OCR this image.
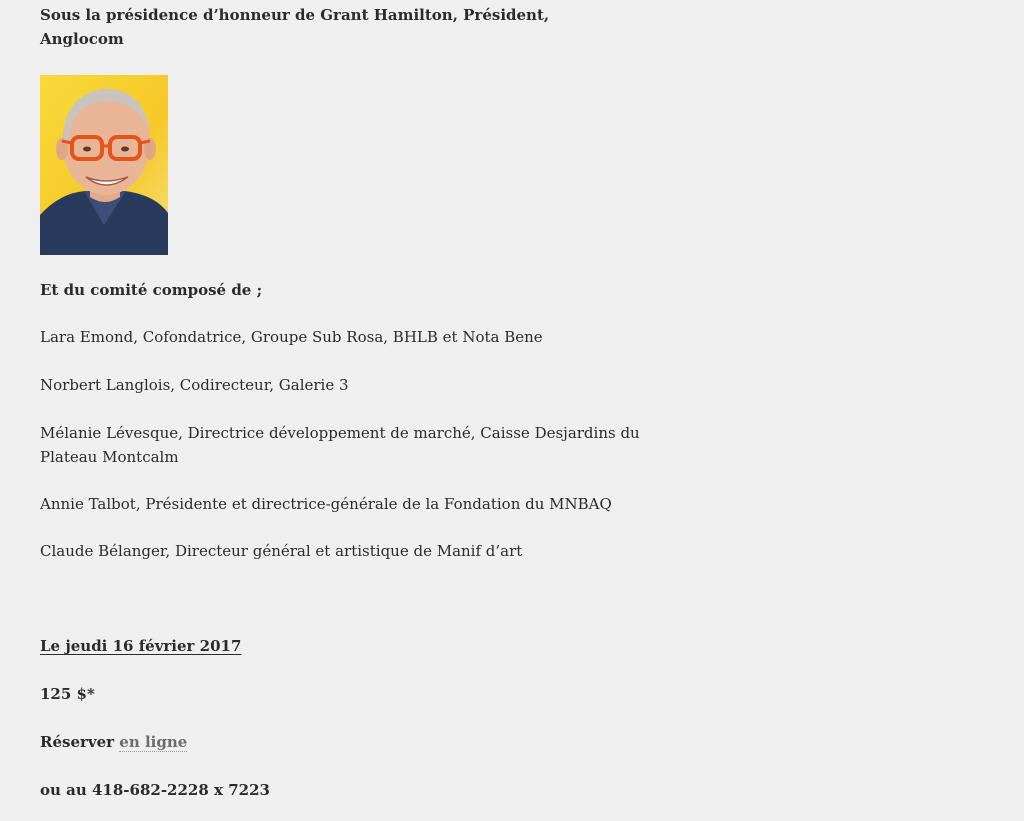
Sous la présidence d’honneur de Grant Hamilton, Président,

Anglocom

Et du comité composé de ;

Lara Emond, Cofondatrice, Groupe Sub Rosa, BHLB et Nota Bene

Norbert Langlois, Codirecteur, Galerie 3

Mélanie Lévesque, Directrice développement de marché, Caisse Desjardins du

Plateau Montcalm

Annie Talbot, Présidente et directrice-générale de la Fondation du MNBAQ

Claude Bélanger, Directeur général et artistique de Manif d’art

Le jeudi 16 février 2017

125 $*

Réserver en ligne

ou au 418-682-2228 x 7223
